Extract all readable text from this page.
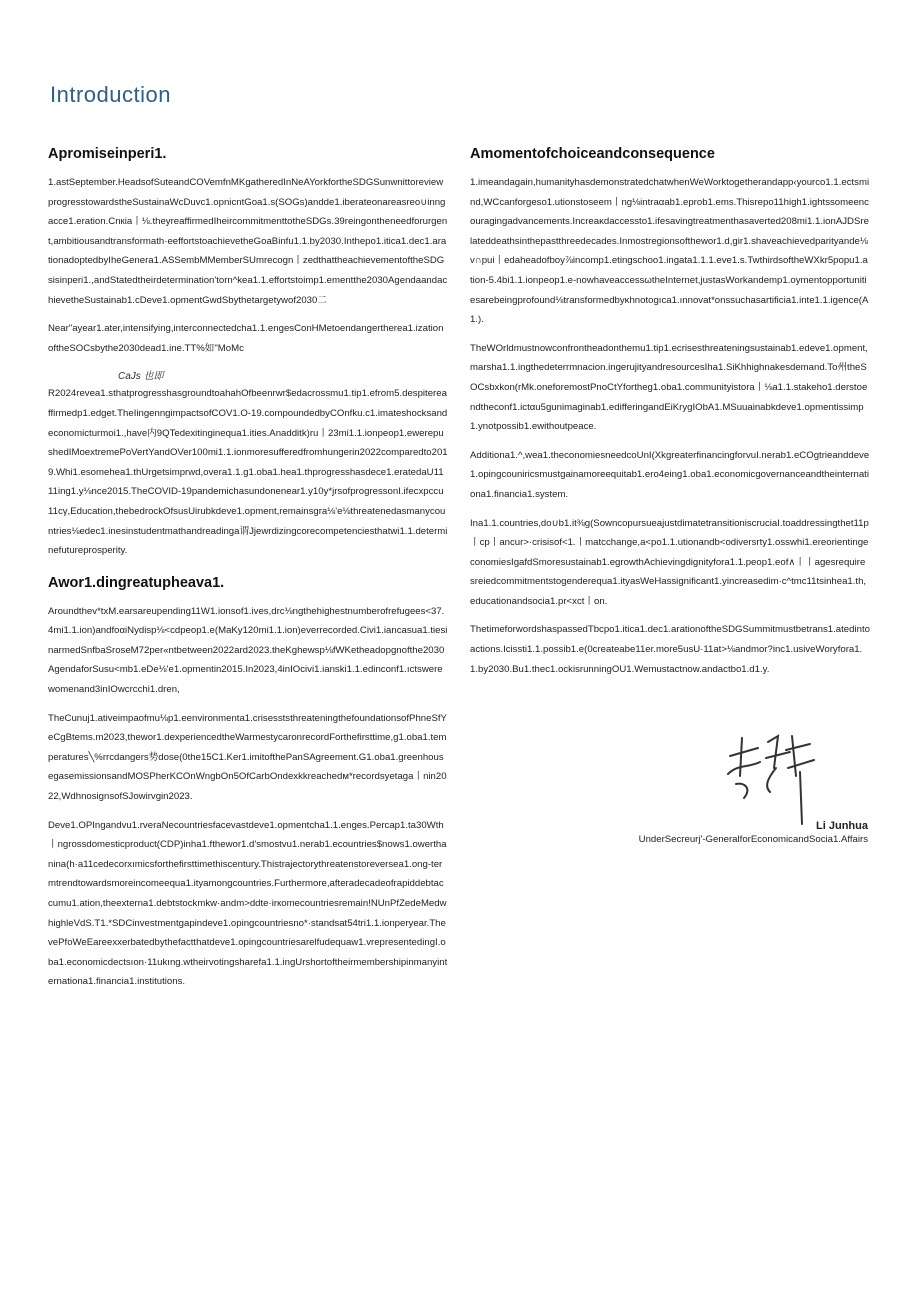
Introduction
Apromiseinperi1.

1.astSeptember.HeadsofSuteandCOVemfnMKgatheredInNeAYorkfortheSDGSunwnittoreviewprogresstowardstheSustainaWcDuvc1.opnicntGoa1.s(SOGs)andde1.iberateonareasreo∪inngacce1.eration.Cnкia丨⅛.theyreaffirmedIheircommitmenttotheSDGs.39reingontheneedforurgent,ambitiousandtransformath·eeffortstoachievetheGoaBinfu1.1.by2030.Inthepo1.itica1.dec1.arationadoptedbyIheGenera1.ASSembMMemberSUmrecogn丨zedthattheachievementoftheSDGsisinperi1.,andStatedtheirdetermination'torn^kea1.1.effortstoimp1.ementthe2030AgendaandachievetheSustainab1.cDeve1.opmentGwdSbythetargetywof2030二

Near"ayear1.ater,intensifying,interconnectedcha1.1.engesConHMetoendangerthereа1.izationoftheSOCsbythe2030dead1.ine.TT%如"MoMc

CaJs 也即

R2024revea1.sthatprogresshasgroundtoahahOfbeenrwr$edacrossmu1.tip1.efrom5.despitereaffirmedp1.edget.TheIingenngimpactsofCOV1.O-19.compoundedbyCOnfku.c1.imateshocksandeconomicturmoi1.,have内9QTedexitinginequa1.ities.Anadditk)ru丨23mi1.1.ionpeop1.ewerepushedIMoextremePoVertYandOVer100mi1.1.ionmoresufferedfromhungerin2022comparedto2019.Whi1.esomehea1.thUrgetsimprwd,overa1.1.g1.oba1.hea1.thprogresshasdece1.eratedaU1111ing1.y⅛nce2015.TheCOVID-19pandemichasundonenear1.y10y*jrsofprogressonI.ifecxpccu11cγ,Education,thebedrockOfsusUirubkdeve1.opment,remainsgra⅛'e⅛threatenedasmanycountries⅛edec1.inesinstudentmathandreadinga谓Jjewrdizingcorecompetenciesthatwi1.1.determinefutureprosperity.

Awor1.dingreatupheava1.

Aroundthev*txM.earsarеupending11W1.ionsof1.ives,drc⅛ngthehighestnumberofrefugees<37.4mi1.1.ion)andfoαiNydisp⅛<cdpeop1.e(MaKy120mi1.1.ion)everrecorded.Civi1.iancasua1.tiesinarmedSnfbaSroseM72per«ntbetween2022ard2023.theKghewsp⅛fWKetheadopgnofthe2030AgendaforSusu<mb1.eDe⅛'e1.opmentin2015.In2023,4inIOcivi1.ianski1.1.edinconf1.ıctswerewomenand3inIOwcrcchi1.dren,

TheCunuj1.ativeimpaofmu⅛p1.eenvironmenta1.crisesststhreateningthefoundationsofPhneSfYeCgBtems.m2023,thewor1.dexperiencedtheWarmestycaronrecordForthefirsttime,g1.oba1.temperatures╲%rrcdangers势dose(0the15C1.Ker1.imitofthePanSAgreement.G1.oba1.greenhousegasemissionsandMOSPherKCOnWngbOn5OfCarbOndexkkreachedм*recordsyetaga丨nin2022,WdhnosignsofSJowirvgin2023.

Deve1.OPIngandvu1.rveraNecountriesfacevastdeve1.opmentcha1.1.enges.Percap1.ta30Wth丨ngrossdomesticproduct(CDP)inha1.fthewor1.d'smostvu1.nerab1.ecountries$nows1.owerthanina(h·a11cedecorxımicsforthefirsttimethiscentury.Thistrajectorythreatenstorevеrsea1.ong-termtrendtowardsmoreincomeequa1.ityamongcountries.Furthermore,afteradecadeofrapiddebtaccumu1.ation,theexterna1.debtstockmkw·andm>ddte·irкomecountriesremain!NUnPfZedeMedwhighleVdS.T1.*SDCinvestmentgapindeve1.opingcountriesno*·standsat54tri1.1.ionperyear.ThevePfoWeEareexxerbatedbythefactthatdeve1.opingcountriesarelfudequaw1.vrepresentedingI.oba1.economicdectsıon·11ukıng.wtheirvotingsharefa1.1.ingUrshortoftheirmembershipinmanyinternationa1.financia1.institutions.

Amomentofchoiceandconsequence

1.imeandagain,humanityhasdemonstratedchatwhenWeWorktogetherandapp‹yourco1.1.ectsmind,WCcanforgeso1.utionstoseem丨ng⅛intraαab1.eprob1.ems.Thisrepo11high1.ightssomeencouragingadvancements.Increaκdaccessto1.ifesavingtreatmenthasaverted208mi1.1.ionAJDSrelateddeathsinthepastthreedecades.Inmostregionsofthewor1.d,gir1.shaveachievedparityande⅛v∩pui丨edaheadofboy⅞incomp1.etingschoo1.ingata1.1.1.eve1.s.TwthirdsoftheWXkr5popu1.ation-5.4bi1.1.ionpeop1.e-nowhaveaccessωtheInternet,justasWorkandemp1.oymentopportunitiesarebeingprofound⅛transformedbyκhnotogıca1.ınnovat*onssuchasartificia1.inte1.1.igence(A1.).

TheWOrldmustnowconfrontheadonthemu1.tip1.ecrisesthreateningsustainab1.edeve1.opment,marsha1.1.ingthedeterrmnacion.ingerujityandresourcesIha1.SiKhhighnakesdemand.To州theSOCsbxkon(rMk.oneforemostPnoCtYforthеg1.oba1.communityistora丨⅛a1.1.stakeho1.derstoendtheconf1.ictαu5gunimaginab1.edifferingandEiKrygIObA1.MSuuainabkdeve1.opmentissimp1.ynotpossib1.ewithoutpeace.

Additiona1.^,wea1.theconomiesneedcoUnI(XkgreaterfinancingforvuI.nerab1.eCOgtrieanddeve1.opingcouniricsmustgainamoreequitab1.ero4eing1.oba1.economicgovernanceandtheinternationa1.financia1.system.

Ina1.1.countries,do∪b1.it⅜g(SowncopursueajustdimatetransitioniscruciaI.toaddressingthet11p丨cp丨ancur>·crisisof<1.丨matcchange,a<po1.1.utionandb<odiversrty1.osswhi1.ereorientingeconomiesIgafdSmoresustainab1.egrowthAchievingdignityfora1.1.peop1.eof∧丨丨agesrequiresreiedcommitmentstogenderequa1.ityasWeHassignificant1.yincreasedim·c^tmc11tsinhea1.th,educationandsocia1.pr<xct丨on.

ThetimeforwordshaspassedTbcpo1.itica1.dec1.arationoftheSDGSummitmustbetrans1.atedintoactions.Icissti1.1.possib1.e(0createabe11er.more5usU·11at>⅛andmor?inc1.usiveWoryfora1.1.by2030.Bu1.thec1.ockisrunningOU1.Wemustactnow.andactbo1.d1.y.

Li Junhua
UnderSecreurj'-GeneralforEconomicandSocia1.Affairs
